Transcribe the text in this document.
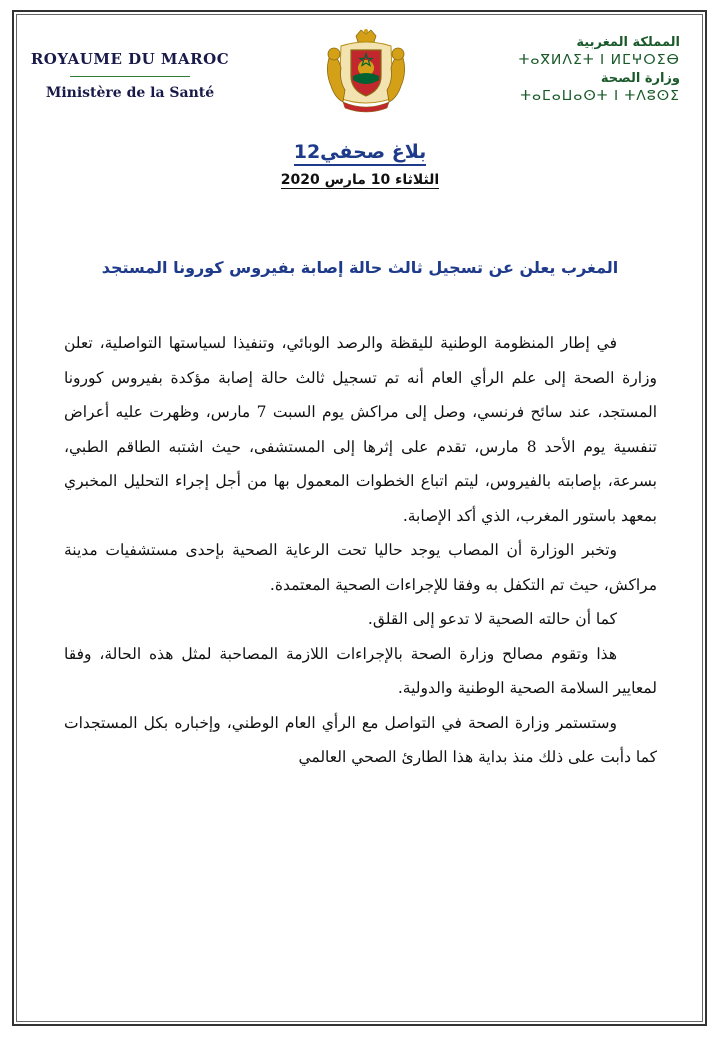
ROYAUME DU MAROC
Ministère de la Santé
المملكة المغربية
ⵜⴰⴳⵍⴷⵉⵜ ⵏ ⵍⵎⵖⵔⵉⴱ
وزارة الصحة
ⵜⴰⵎⴰⵡⴰⵙⵜ ⵏ ⵜⴷⵓⵙⵉ
بلاغ صحفي12
الثلاثاء 10 مارس 2020
المغرب يعلن عن تسجيل ثالث حالة إصابة بفيروس كورونا المستجد

في إطار المنظومة الوطنية لليقظة والرصد الوبائي، وتنفيذا لسياستها التواصلية، تعلن وزارة الصحة إلى علم الرأي العام أنه تم تسجيل ثالث حالة إصابة مؤكدة بفيروس كورونا المستجد، عند سائح فرنسي، وصل إلى مراكش يوم السبت 7 مارس، وظهرت عليه أعراض تنفسية يوم الأحد 8 مارس، تقدم على إثرها إلى المستشفى، حيث اشتبه الطاقم الطبي، بسرعة، بإصابته بالفيروس، ليتم اتباع الخطوات المعمول بها من أجل إجراء التحليل المخبري بمعهد باستور المغرب، الذي أكد الإصابة.

وتخبر الوزارة أن المصاب يوجد حاليا تحت الرعاية الصحية بإحدى مستشفيات مدينة مراكش، حيث تم التكفل به وفقا للإجراءات الصحية المعتمدة.

كما أن حالته الصحية لا تدعو إلى القلق.

هذا وتقوم مصالح وزارة الصحة بالإجراءات اللازمة المصاحبة لمثل هذه الحالة، وفقا لمعايير السلامة الصحية الوطنية والدولية.

وستستمر وزارة الصحة في التواصل مع الرأي العام الوطني، وإخباره بكل المستجدات كما دأبت على ذلك منذ بداية هذا الطارئ الصحي العالمي
